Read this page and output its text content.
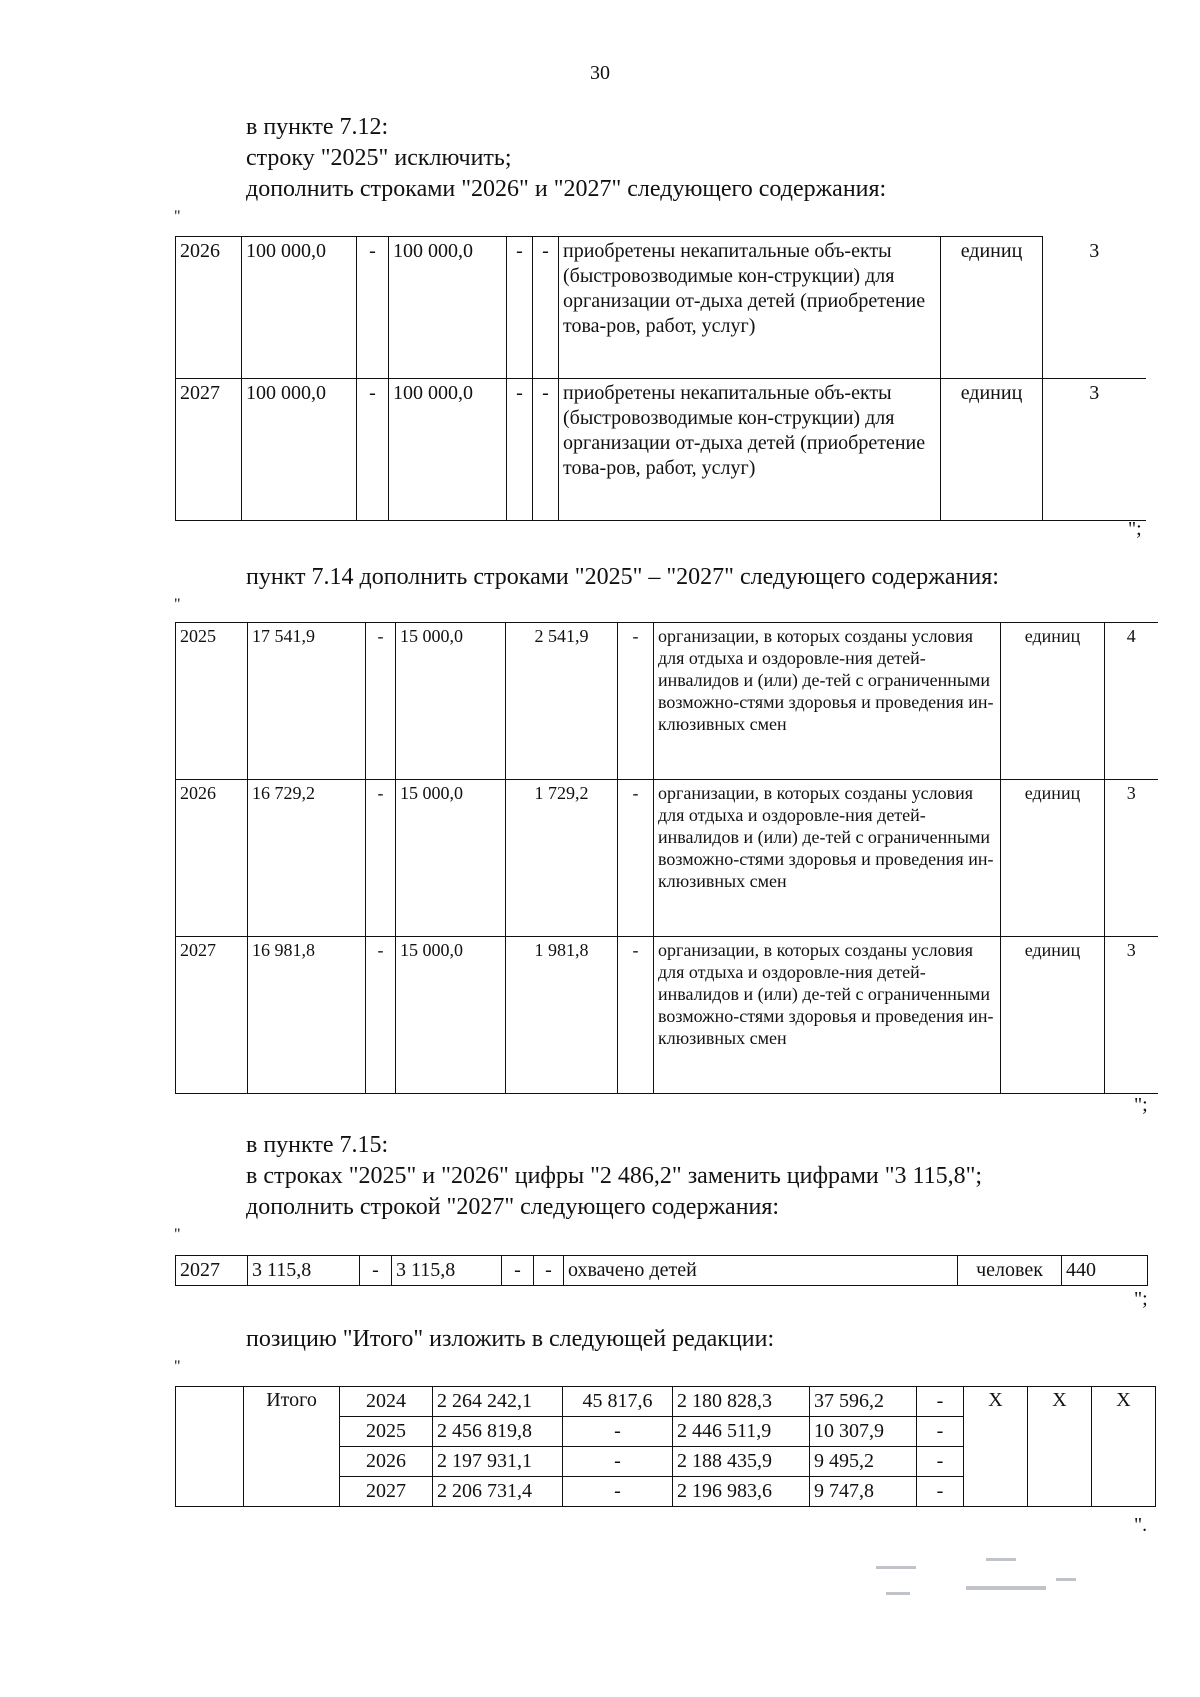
30
в пункте 7.12:
строку "2025" исключить;
дополнить строками "2026" и "2027" следующего содержания:
"
2026	100 000,0	-	100 000,0	-	-	приобретены некапитальные объ-екты (быстровозводимые кон-струкции) для организации от-дыха детей (приобретение това-ров, работ, услуг)	единиц	3
2027	100 000,0	-	100 000,0	-	-	приобретены некапитальные объ-екты (быстровозводимые кон-струкции) для организации от-дыха детей (приобретение това-ров, работ, услуг)	единиц	3
";
пункт 7.14 дополнить строками "2025" – "2027" следующего содержания:
"
2025	17 541,9	-	15 000,0	2 541,9	-	организации, в которых созданы условия для отдыха и оздоровле-ния детей-инвалидов и (или) де-тей с ограниченными возможно-стями здоровья и проведения ин-клюзивных смен	единиц	4
2026	16 729,2	-	15 000,0	1 729,2	-	организации, в которых созданы условия для отдыха и оздоровле-ния детей-инвалидов и (или) де-тей с ограниченными возможно-стями здоровья и проведения ин-клюзивных смен	единиц	3
2027	16 981,8	-	15 000,0	1 981,8	-	организации, в которых созданы условия для отдыха и оздоровле-ния детей-инвалидов и (или) де-тей с ограниченными возможно-стями здоровья и проведения ин-клюзивных смен	единиц	3
";
в пункте 7.15:
в строках "2025" и "2026" цифры "2 486,2" заменить цифрами "3 115,8";
дополнить строкой "2027" следующего содержания:
"
2027	3 115,8	-	3 115,8	-	-	охвачено детей	человек	440
";
позицию "Итого" изложить в следующей редакции:
"
	Итого	2024	2 264 242,1	45 817,6	2 180 828,3	37 596,2	-	Х	Х	Х
		2025	2 456 819,8	-	2 446 511,9	10 307,9	-			
		2026	2 197 931,1	-	2 188 435,9	9 495,2	-			
		2027	2 206 731,4	-	2 196 983,6	9 747,8	-			
".
